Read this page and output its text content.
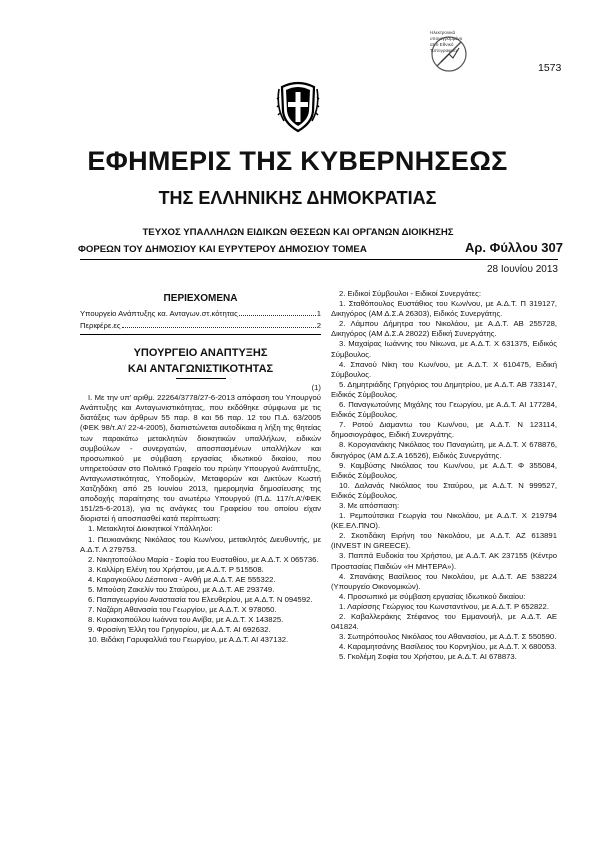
1573
Ηλεκτρονικά υπογεγραμμένο από Εθνικό Τυπογραφείο
ΕΦΗΜΕΡΙΣ ΤΗΣ ΚΥΒΕΡΝΗΣΕΩΣ
ΤΗΣ ΕΛΛΗΝΙΚΗΣ ΔΗΜΟΚΡΑΤΙΑΣ
ΤΕΥΧΟΣ ΥΠΑΛΛΗΛΩΝ ΕΙΔΙΚΩΝ ΘΕΣΕΩΝ ΚΑΙ ΟΡΓΑΝΩΝ ΔΙΟΙΚΗΣΗΣ
ΦΟΡΕΩΝ ΤΟΥ ΔΗΜΟΣΙΟΥ ΚΑΙ ΕΥΡΥΤΕΡΟΥ ΔΗΜΟΣΙΟΥ ΤΟΜΕΑ	Αρ. Φύλλου 307
28 Ιουνίου 2013
ΠΕΡΙΕΧΟΜΕΝΑ
Υπουργείο Ανάπτυξης κα. Ανταγων.στ.κότητας	1
Περιφέρε.ες	2
ΥΠΟΥΡΓΕΙΟ ΑΝΑΠΤΥΞΗΣ
ΚΑΙ ΑΝΤΑΓΩΝΙΣΤΙΚΟΤΗΤΑΣ

(1)

Ι. Με την υπ' αριθμ. 22264/3778/27-6-2013 απόφαση του Υπουργού Ανάπτυξης και Ανταγωνιστικότητας, που εκδόθηκε σύμφωνα με τις διατάξεις των άρθρων 55 παρ. 8 και 56 παρ. 12 του Π.Δ. 63/2005 (ΦΕΚ 98/τ.Α'/ 22-4-2005), διαπιστώνεται αυτοδίκαια η λήξη της θητείας των παρακάτω μετακλητών διοικητικών υπαλλήλων, ειδικών συμβούλων - συνεργατών, αποσπασμένων υπαλλήλων και προσωπικού με σύμβαση εργασίας ιδιωτικού δικαίου, που υπηρετούσαν στο Πολιτικό Γραφείο του πρώην Υπουργού Ανάπτυξης, Ανταγωνιστικότητας, Υποδομών, Μεταφορών και Δικτύων Κωστή Χατζηδάκη από 25 Ιουνίου 2013, ημερομηνία δημοσίευσης της αποδοχής παραίτησης του ανωτέρω Υπουργού (Π.Δ. 117/τ.Α'/ΦΕΚ 151/25-6-2013), για τις ανάγκες του Γραφείου του οποίου είχαν διοριστεί ή αποσπασθεί κατά περίπτωση:

1. Μετακλητοί Διοικητικοί Υπάλληλοι:

1. Πευκιανάκης Νικόλαος του Κων/νου, μετακλητός Διευθυντής, με Α.Δ.Τ. Λ 279753.

2. Νικητοπούλου Μαρία - Σοφία του Ευσταθίου, με Α.Δ.Τ. Χ 065736.

3. Καλλίρη Ελένη του Χρήστου, με Α.Δ.Τ. Ρ 515508.

4. Καραγκούλου Δέσποινα - Ανθή με Α.Δ.Τ. ΑΕ 555322.

5. Μπούση Ζακελίν του Σταύρου, με Α.Δ.Τ. ΑΕ 293749.

6. Παπαγεωργίου Αναστασία του Ελευθερίου, με Α.Δ.Τ. Ν 094592.

7. Ναζάρη Αθανασία του Γεωργίου, με Α.Δ.Τ. Χ 978050.

8. Κυριακοπούλου Ιωάννα του Ανίβα, με Α.Δ.Τ. Χ 143825.

9. Φροσίνη Έλλη του Γρηγορίου, με Α.Δ.Τ. ΑΙ 692632.

10. Βιδάκη Γαρυφαλλιά του Γεωργίου, με Α.Δ.Τ. ΑΙ 437132.

2. Ειδικοί Σύμβουλοι - Ειδικοί Συνεργάτες:

1. Σταθόπουλος Ευστάθιος του Κων/νου, με Α.Δ.Τ. Π 319127, Δικηγόρος (ΑΜ Δ.Σ.Α 26303), Ειδικός Συνεργάτης.

2. Λάμπου Δήμητρα του Νικολάου, με Α.Δ.Τ. ΑΒ 255728, Δικηγόρος (ΑΜ Δ.Σ.Α 28022) Ειδική Συνεργάτης.

3. Μαχαίρας Ιωάννης του Νίκωνα, με Α.Δ.Τ. Χ 631375, Ειδικός Σύμβουλος.

4. Σπανού Νίκη του Κων/νου, με Α.Δ.Τ. Χ 610475, Ειδική Σύμβουλος.

5. Δημητριάδης Γρηγόριος του Δημητρίου, με Α.Δ.Τ. ΑΒ 733147, Ειδικός Σύμβουλος.

6. Παναγιωτούνης Μιχάλης του Γεωργίου, με Α.Δ.Τ. ΑΙ 177284, Ειδικός Σύμβουλος.

7. Ροτού Διαμαντω του Κων/νου, με Α.Δ.Τ. Ν 123114, δημοσιογράφος, Ειδική Συνεργάτης.

8. Κορογιανάκης Νικόλαος του Παναγιώτη, με Α.Δ.Τ. Χ 678876, δικηγόρος (ΑΜ Δ.Σ.Α 16526), Ειδικός Συνεργάτης.

9. Καμβύσης Νικόλαος του Κων/νου, με Α.Δ.Τ. Φ 355084, Ειδικός Σύμβουλος.

10. Δαλανάς Νικόλαος του Σταύρου, με Α.Δ.Τ. Ν 999527, Ειδικός Σύμβουλος.

3. Με απόσπαση:

1. Ρεμπούτσικα Γεωργία του Νικολάου, με Α.Δ.Τ. Χ 219794 (ΚΕ.ΕΛ.ΠΝΟ).

2. Σκοτιδάκη Ειρήνη του Νικολάου, με Α.Δ.Τ. ΑΖ 613891 (INVEST IN GREECE).

3. Παππά Ευδοκία του Χρήστου, με Α.Δ.Τ. ΑΚ 237155 (Κέντρο Προστασίας Παιδιών «Η ΜΗΤΕΡΑ»).

4. Σπανάκης Βασίλειος του Νικολάου, με Α.Δ.Τ. ΑΕ 538224 (Υπουργείο Οικονομικών).

4. Προσωπικό με σύμβαση εργασίας Ιδιωτικού δικαίου:

1. Λαρίσσης Γεώργιος του Κωνσταντίνου, με Α.Δ.Τ. Ρ 652822.

2. Καβαλλεράκης Στέφανος του Εμμανουήλ, με Α.Δ.Τ. ΑΕ 041824.

3. Σωτηρόπουλος Νικόλαος του Αθανασίου, με Α.Δ.Τ. Σ 550590.

4. Καραμητσάνης Βασίλειος του Κορνηλίου, με Α.Δ.Τ. Χ 680053.

5. Γκολέμη Σοφία του Χρήστου, με Α.Δ.Τ. ΑΙ 678873.
